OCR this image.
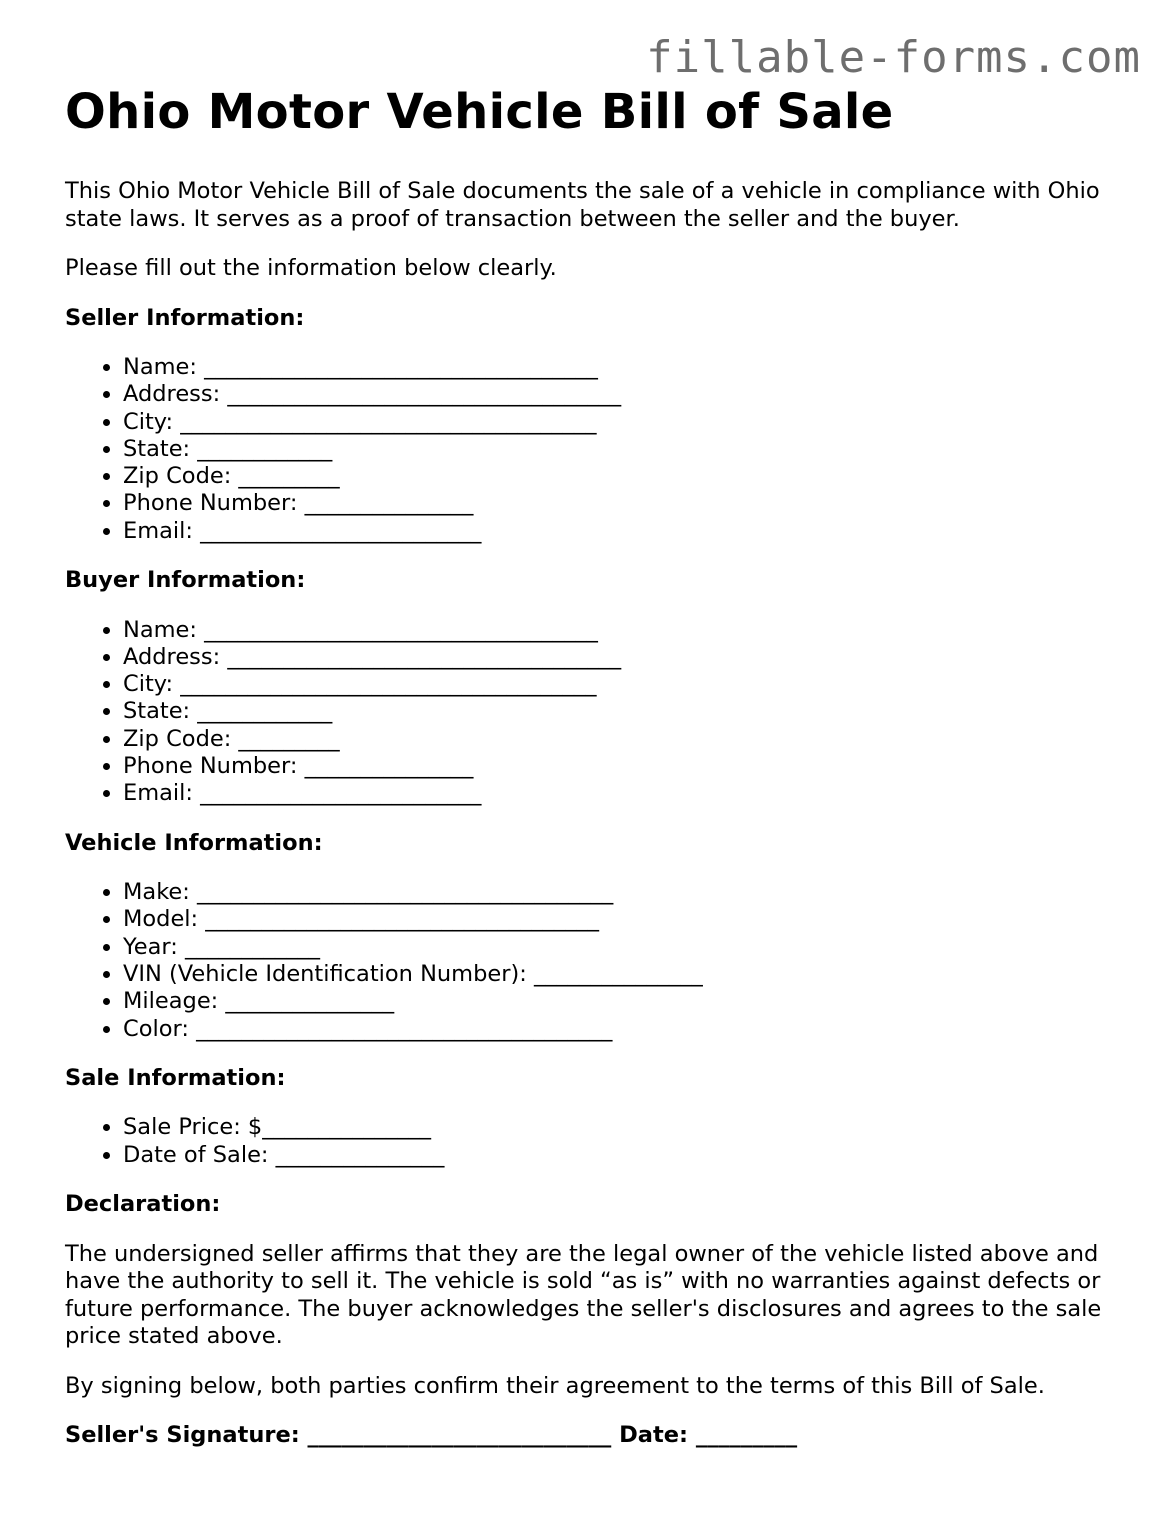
fillable-forms.com
Ohio Motor Vehicle Bill of Sale

This Ohio Motor Vehicle Bill of Sale documents the sale of a vehicle in compliance with Ohio state laws. It serves as a proof of transaction between the seller and the buyer.

Please fill out the information below clearly.

Seller Information:
• Name: ___________________________________
• Address: ___________________________________
• City: _____________________________________
• State: ____________
• Zip Code: _________
• Phone Number: _______________
• Email: _________________________
Buyer Information:
• Name: ___________________________________
• Address: ___________________________________
• City: _____________________________________
• State: ____________
• Zip Code: _________
• Phone Number: _______________
• Email: _________________________
Vehicle Information:
• Make: _____________________________________
• Model: ___________________________________
• Year: ____________
• VIN (Vehicle Identification Number): _______________
• Mileage: _______________
• Color: _____________________________________
Sale Information:
• Sale Price: $_______________
• Date of Sale: _______________
Declaration:

The undersigned seller affirms that they are the legal owner of the vehicle listed above and have the authority to sell it. The vehicle is sold “as is” with no warranties against defects or future performance. The buyer acknowledges the seller's disclosures and agrees to the sale price stated above.

By signing below, both parties confirm their agreement to the terms of this Bill of Sale.

Seller's Signature: ___________________________ Date: _________
